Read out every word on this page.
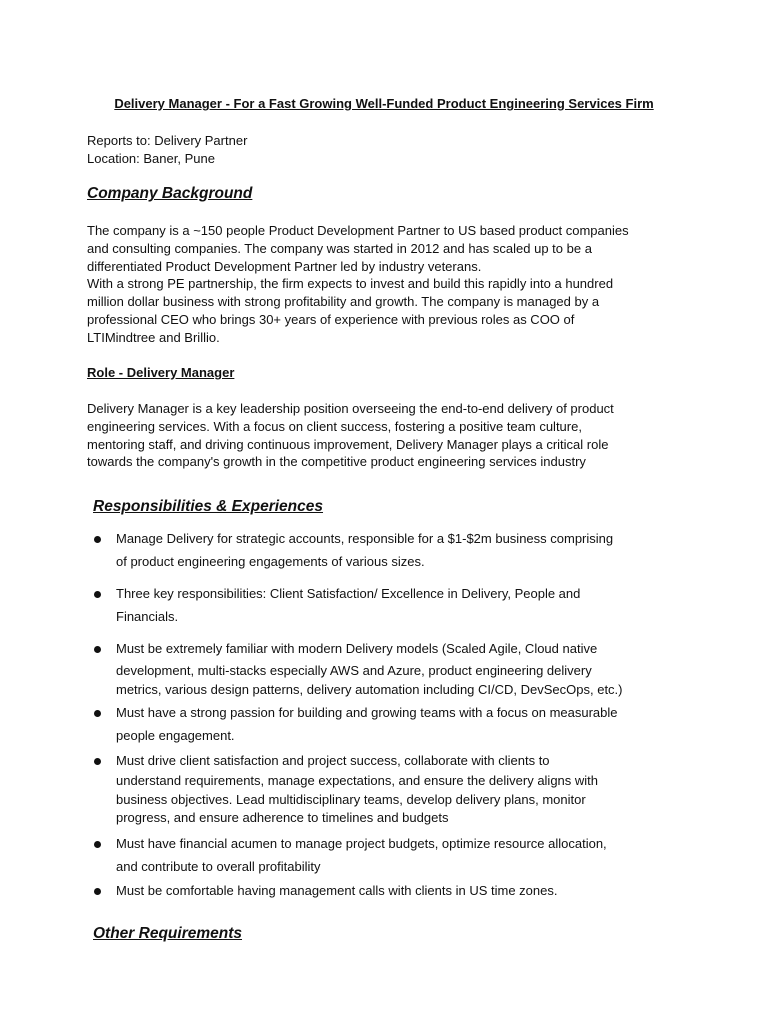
Delivery Manager - For a Fast Growing Well-Funded Product Engineering Services Firm
Reports to: Delivery Partner
Location: Baner, Pune
Company Background
The company is a ~150 people Product Development Partner to US based product companies
and consulting companies. The company was started in 2012 and has scaled up to be a
differentiated Product Development Partner led by industry veterans.
With a strong PE partnership, the firm expects to invest and build this rapidly into a hundred
million dollar business with strong profitability and growth. The company is managed by a
professional CEO who brings 30+ years of experience with previous roles as COO of
LTIMindtree and Brillio.
Role - Delivery Manager
Delivery Manager is a key leadership position overseeing the end-to-end delivery of product
engineering services. With a focus on client success, fostering a positive team culture,
mentoring staff, and driving continuous improvement, Delivery Manager plays a critical role
towards the company's growth in the competitive product engineering services industry
Responsibilities & Experiences
Manage Delivery for strategic accounts, responsible for a $1-$2m business comprising
of product engineering engagements of various sizes.
Three key responsibilities: Client Satisfaction/ Excellence in Delivery, People and
Financials.
Must be extremely familiar with modern Delivery models (Scaled Agile, Cloud native
development, multi-stacks especially AWS and Azure, product engineering delivery
metrics, various design patterns, delivery automation including CI/CD, DevSecOps, etc.)
Must have a strong passion for building and growing teams with a focus on measurable
people engagement.
Must drive client satisfaction and project success, collaborate with clients to
understand requirements, manage expectations, and ensure the delivery aligns with
business objectives. Lead multidisciplinary teams, develop delivery plans, monitor
progress, and ensure adherence to timelines and budgets
Must have financial acumen to manage project budgets, optimize resource allocation,
and contribute to overall profitability
Must be comfortable having management calls with clients in US time zones.
Other Requirements
